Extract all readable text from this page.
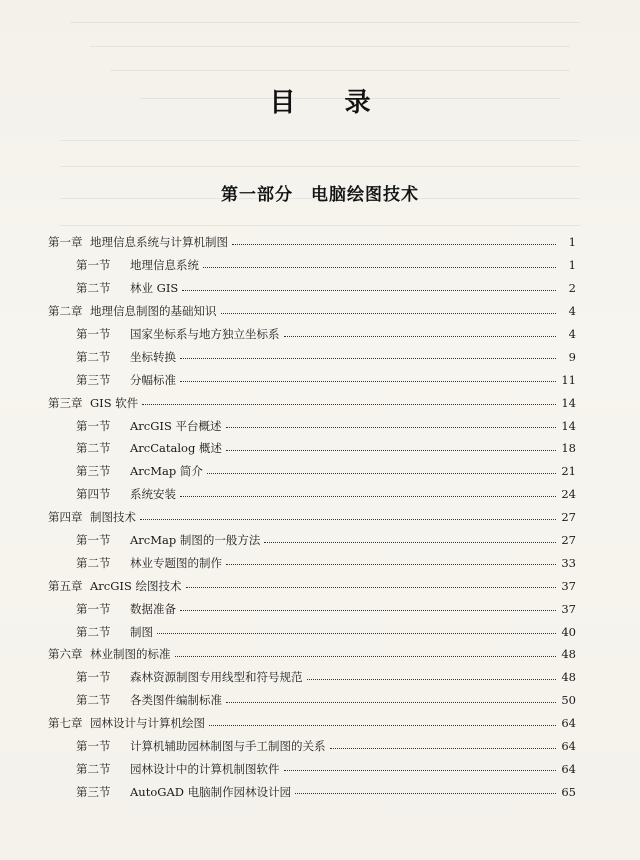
目 录
第一部分 电脑绘图技术
第一章 地理信息系统与计算机制图	1
第一节 地理信息系统	1
第二节 林业 GIS	2
第二章 地理信息制图的基础知识	4
第一节 国家坐标系与地方独立坐标系	4
第二节 坐标转换	9
第三节 分幅标准	11
第三章 GIS 软件	14
第一节 ArcGIS 平台概述	14
第二节 ArcCatalog 概述	18
第三节 ArcMap 简介	21
第四节 系统安装	24
第四章 制图技术	27
第一节 ArcMap 制图的一般方法	27
第二节 林业专题图的制作	33
第五章 ArcGIS 绘图技术	37
第一节 数据准备	37
第二节 制图	40
第六章 林业制图的标准	48
第一节 森林资源制图专用线型和符号规范	48
第二节 各类图件编制标准	50
第七章 园林设计与计算机绘图	64
第一节 计算机辅助园林制图与手工制图的关系	64
第二节 园林设计中的计算机制图软件	64
第三节 AutoGAD 电脑制作园林设计园	65
